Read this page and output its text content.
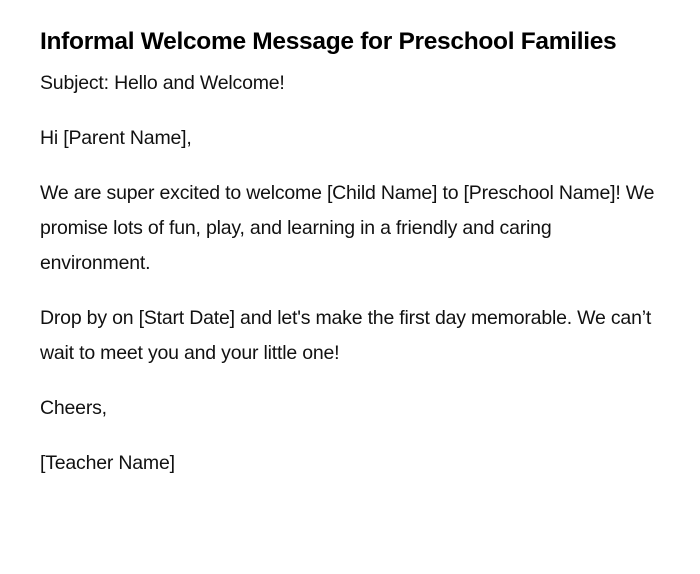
Informal Welcome Message for Preschool Families

Subject: Hello and Welcome!

Hi [Parent Name],

We are super excited to welcome [Child Name] to [Preschool Name]! We promise lots of fun, play, and learning in a friendly and caring environment.

Drop by on [Start Date] and let's make the first day memorable. We can’t wait to meet you and your little one!

Cheers,

[Teacher Name]
